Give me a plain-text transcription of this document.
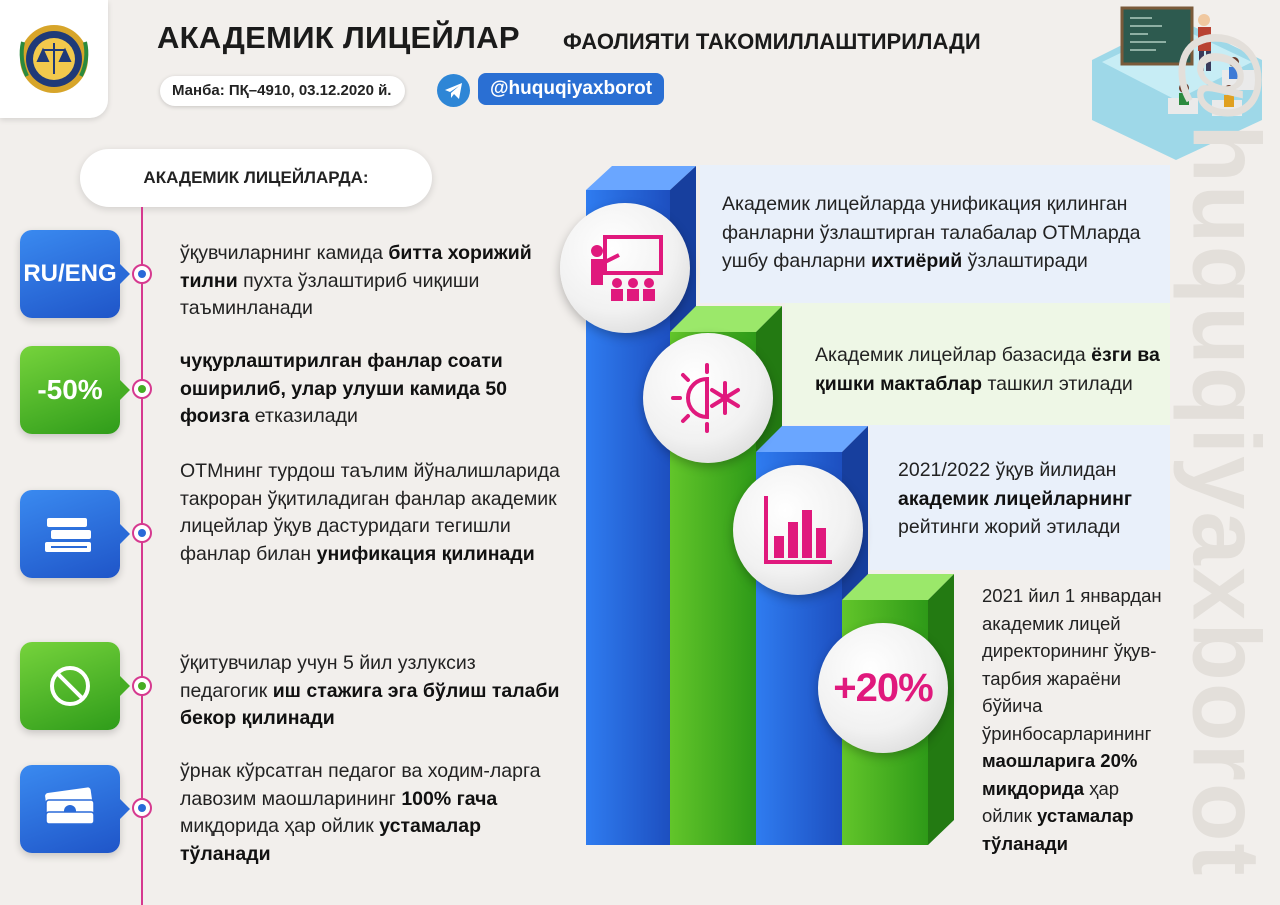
АКАДЕМИК ЛИЦЕЙЛАР ФАОЛИЯТИ ТАКОМИЛЛАШТИРИЛАДИ
Манба: ПҚ–4910, 03.12.2020 й.	@huquqiyaxborot	@huquqiyaxborot
АКАДЕМИК ЛИЦЕЙЛАРДА:
RU/ENG
ўқувчиларнинг камида битта хорижий тилни пухта ўзлаштириб чиқиши таъминланади
-50%
чуқурлаштирилган фанлар соати оширилиб, улар улуши камида 50 фоизга етказилади
ОТМнинг турдош таълим йўналишларида такроран ўқитиладиган фанлар академик лицейлар ўқув дастуридаги тегишли фанлар билан унификация қилинади
ўқитувчилар учун 5 йил узлуксиз педагогик иш стажига эга бўлиш талаби бекор қилинади
ўрнак кўрсатган педагог ва ходим-ларга лавозим маошларининг 100% гача миқдорида ҳар ойлик устамалар тўланади
+20%
Академик лицейларда унификация қилинган фанларни ўзлаштирган талабалар ОТМларда ушбу фанларни ихтиёрий ўзлаштиради
Академик лицейлар базасида ёзги ва қишки мактаблар ташкил этилади
2021/2022 ўқув йилидан академик лицейларнинг рейтинги жорий этилади
2021 йил 1 январдан академик лицей директорининг ўқув-тарбия жараёни бўйича ўринбосарларининг маошларига 20% миқдорида ҳар ойлик устамалар тўланади
